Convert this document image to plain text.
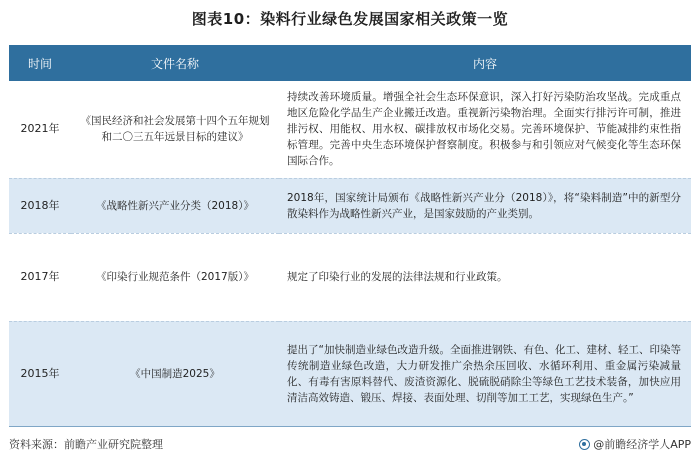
图表10：染料行业绿色发展国家相关政策一览
时间	文件名称	内容
2021年	《国民经济和社会发展第十四个五年规划和二〇三五年远景目标的建议》	持续改善环境质量。增强全社会生态环保意识，深入打好污染防治攻坚战。完成重点地区危险化学品生产企业搬迁改造。重视新污染物治理。全面实行排污许可制，推进排污权、用能权、用水权、碳排放权市场化交易。完善环境保护、节能减排约束性指标管理。完善中央生态环境保护督察制度。积极参与和引领应对气候变化等生态环保国际合作。
2018年	《战略性新兴产业分类（2018）》	2018年，国家统计局颁布《战略性新兴产业分（2018）》，将“染料制造”中的新型分散染料作为战略性新兴产业，是国家鼓励的产业类别。
2017年	《印染行业规范条件（2017版）》	规定了印染行业的发展的法律法规和行业政策。
2015年	《中国制造2025》	提出了“加快制造业绿色改造升级。全面推进钢铁、有色、化工、建材、轻工、印染等传统制造业绿色改造，大力研发推广余热余压回收、水循环利用、重金属污染减量化、有毒有害原料替代、废渣资源化、脱硫脱硝除尘等绿色工艺技术装备，加快应用清洁高效铸造、锻压、焊接、表面处理、切削等加工工艺，实现绿色生产。”
资料来源：前瞻产业研究院整理	@前瞻经济学人APP
